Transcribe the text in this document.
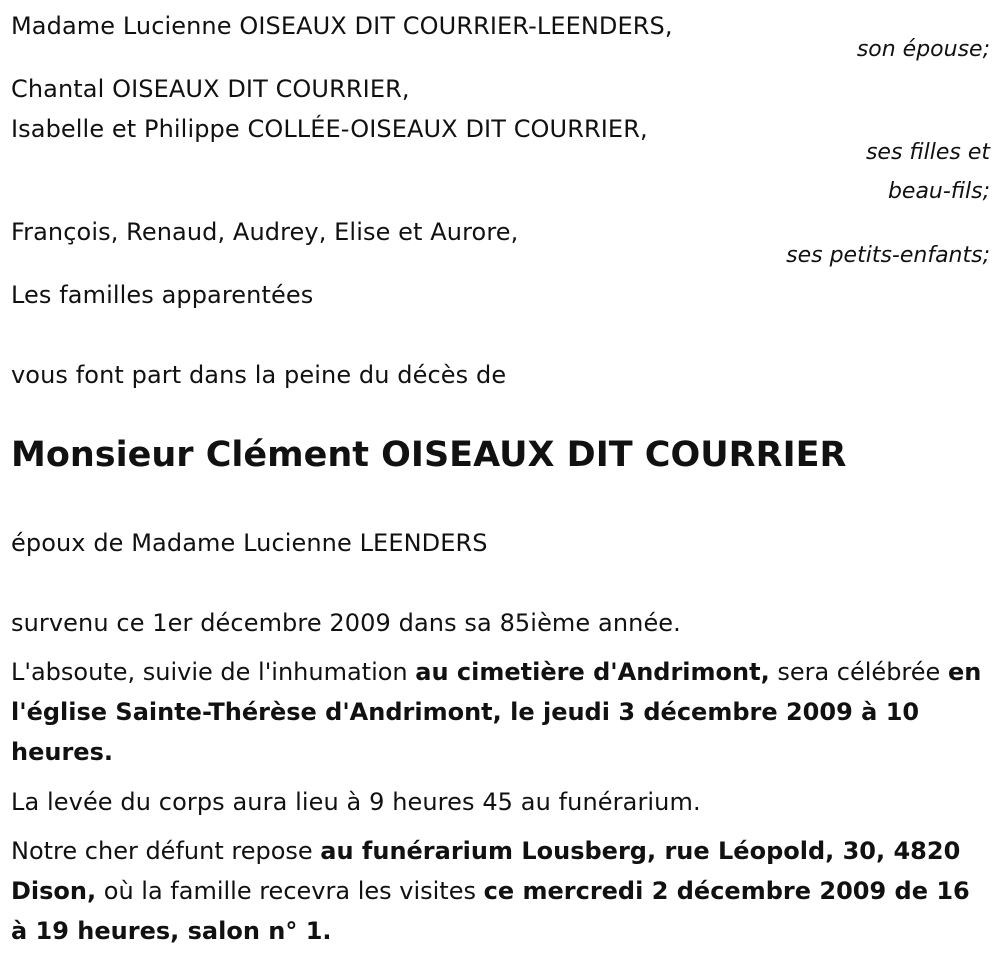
Madame Lucienne OISEAUX DIT COURRIER-LEENDERS,
son épouse;
Chantal OISEAUX DIT COURRIER,
Isabelle et Philippe COLLÉE-OISEAUX DIT COURRIER,
ses filles et
beau-fils;
François, Renaud, Audrey, Elise et Aurore,
ses petits-enfants;
Les familles apparentées
vous font part dans la peine du décès de
Monsieur Clément OISEAUX DIT COURRIER
époux de Madame Lucienne LEENDERS
survenu ce 1er décembre 2009 dans sa 85ième année.
L'absoute, suivie de l'inhumation au cimetière d'Andrimont, sera célébrée en l'église Sainte-Thérèse d'Andrimont, le jeudi 3 décembre 2009 à 10 heures.
La levée du corps aura lieu à 9 heures 45 au funérarium.
Notre cher défunt repose au funérarium Lousberg, rue Léopold, 30, 4820 Dison, où la famille recevra les visites ce mercredi 2 décembre 2009 de 16 à 19 heures, salon n° 1.
